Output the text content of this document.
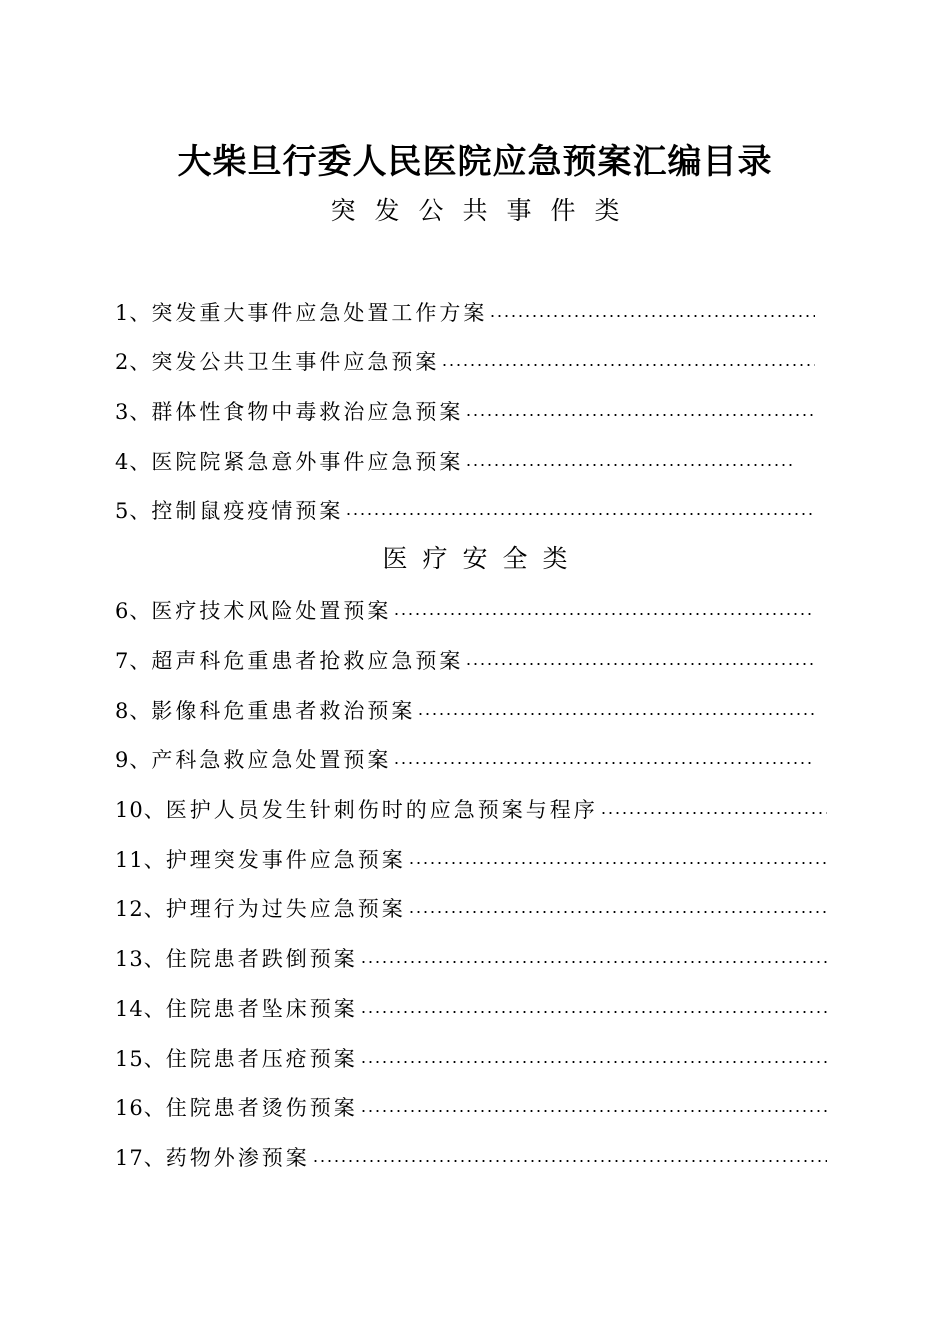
大柴旦行委人民医院应急预案汇编目录
突发公共事件类
1、 突发重大事件应急处置工作方案
2、 突发公共卫生事件应急预案
3、 群体性食物中毒救治应急预案
4、 医院院紧急意外事件应急预案
5、 控制鼠疫疫情预案
6、 医疗技术风险处置预案
7、 超声科危重患者抢救应急预案
8、 影像科危重患者救治预案
9、 产科急救应急处置预案
10、 医护人员发生针刺伤时的应急预案与程序
11、 护理突发事件应急预案
12、 护理行为过失应急预案
13、 住院患者跌倒预案
14、 住院患者坠床预案
15、 住院患者压疮预案
16、 住院患者烫伤预案
17、 药物外渗预案
医疗安全类
